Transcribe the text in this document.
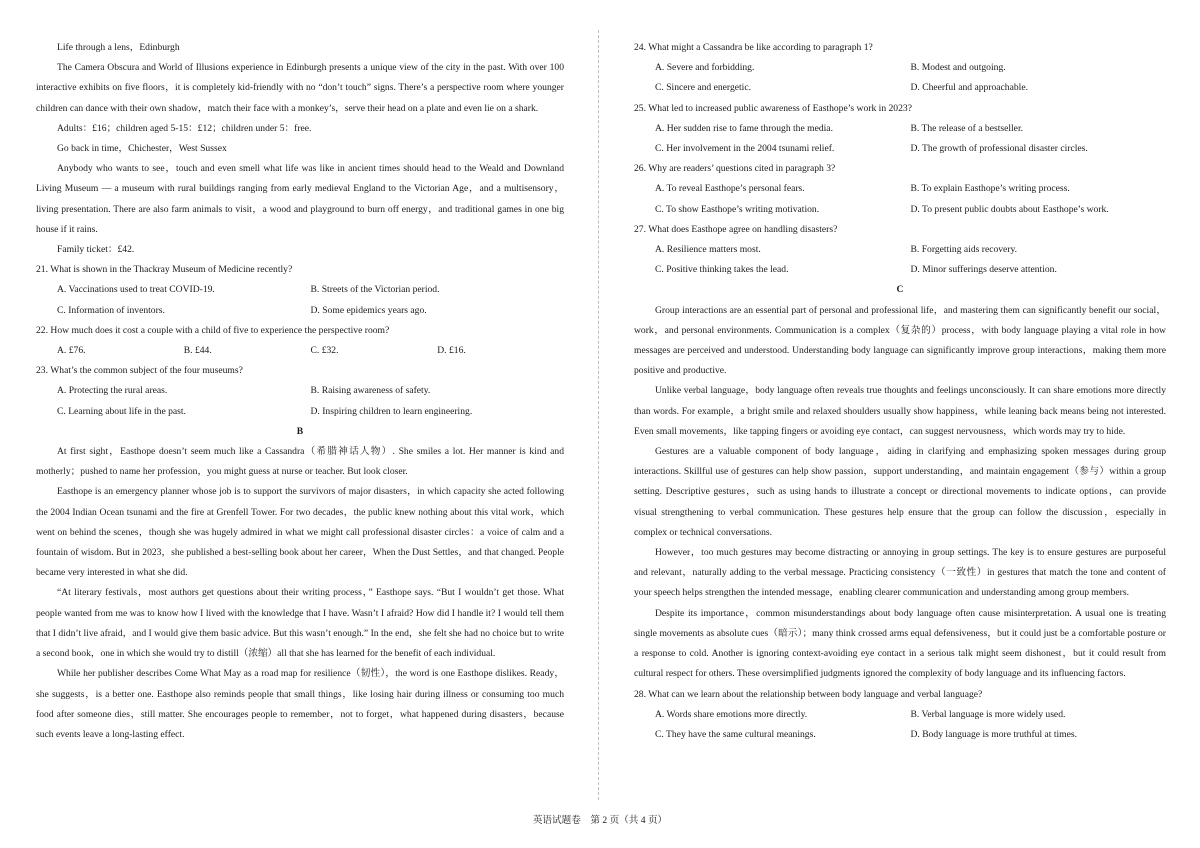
Life through a lens，Edinburgh

The Camera Obscura and World of Illusions experience in Edinburgh presents a unique view of the city in the past. With over 100 interactive exhibits on five floors，it is completely kid-friendly with no “don’t touch” signs. There’s a perspective room where younger children can dance with their own shadow，match their face with a monkey’s，serve their head on a plate and even lie on a shark.

Adults：£16；children aged 5-15：£12；children under 5：free.

Go back in time，Chichester，West Sussex

Anybody who wants to see，touch and even smell what life was like in ancient times should head to the Weald and Downland Living Museum — a museum with rural buildings ranging from early medieval England to the Victorian Age，and a multisensory，living presentation. There are also farm animals to visit，a wood and playground to burn off energy，and traditional games in one big house if it rains.

Family ticket：£42.

21. What is shown in the Thackray Museum of Medicine recently?

A. Vaccinations used to treat COVID-19.	B. Streets of the Victorian period.
C. Information of inventors.	D. Some epidemics years ago.

22. How much does it cost a couple with a child of five to experience the perspective room?

A. £76.	B. £44.	C. £32.	D. £16.

23. What’s the common subject of the four museums?

A. Protecting the rural areas.	B. Raising awareness of safety.
C. Learning about life in the past.	D. Inspiring children to learn engineering.

B

At first sight，Easthope doesn’t seem much like a Cassandra（希腊神话人物）. She smiles a lot. Her manner is kind and motherly；pushed to name her profession，you might guess at nurse or teacher. But look closer.

Easthope is an emergency planner whose job is to support the survivors of major disasters，in which capacity she acted following the 2004 Indian Ocean tsunami and the fire at Grenfell Tower. For two decades，the public knew nothing about this vital work，which went on behind the scenes，though she was hugely admired in what we might call professional disaster circles：a voice of calm and a fountain of wisdom. But in 2023，she published a best-selling book about her career，When the Dust Settles，and that changed. People became very interested in what she did.

“At literary festivals，most authors get questions about their writing process，” Easthope says. “But I wouldn’t get those. What people wanted from me was to know how I lived with the knowledge that I have. Wasn’t I afraid? How did I handle it? I would tell them that I didn’t live afraid，and I would give them basic advice. But this wasn’t enough.” In the end，she felt she had no choice but to write a second book，one in which she would try to distill（浓缩）all that she has learned for the benefit of each individual.

While her publisher describes Come What May as a road map for resilience（韧性），the word is one Easthope dislikes. Ready，she suggests，is a better one. Easthope also reminds people that small things，like losing hair during illness or consuming too much food after someone dies，still matter. She encourages people to remember，not to forget，what happened during disasters，because such events leave a long-lasting effect.

24. What might a Cassandra be like according to paragraph 1?

A. Severe and forbidding.	B. Modest and outgoing.
C. Sincere and energetic.	D. Cheerful and approachable.

25. What led to increased public awareness of Easthope’s work in 2023?

A. Her sudden rise to fame through the media.	B. The release of a bestseller.
C. Her involvement in the 2004 tsunami relief.	D. The growth of professional disaster circles.

26. Why are readers’ questions cited in paragraph 3?

A. To reveal Easthope’s personal fears.	B. To explain Easthope’s writing process.
C. To show Easthope’s writing motivation.	D. To present public doubts about Easthope’s work.

27. What does Easthope agree on handling disasters?

A. Resilience matters most.	B. Forgetting aids recovery.
C. Positive thinking takes the lead.	D. Minor sufferings deserve attention.

C

Group interactions are an essential part of personal and professional life，and mastering them can significantly benefit our social，work，and personal environments. Communication is a complex（复杂的）process，with body language playing a vital role in how messages are perceived and understood. Understanding body language can significantly improve group interactions，making them more positive and productive.

Unlike verbal language，body language often reveals true thoughts and feelings unconsciously. It can share emotions more directly than words. For example，a bright smile and relaxed shoulders usually show happiness，while leaning back means being not interested. Even small movements，like tapping fingers or avoiding eye contact，can suggest nervousness，which words may try to hide.

Gestures are a valuable component of body language，aiding in clarifying and emphasizing spoken messages during group interactions. Skillful use of gestures can help show passion，support understanding，and maintain engagement（参与）within a group setting. Descriptive gestures，such as using hands to illustrate a concept or directional movements to indicate options，can provide visual strengthening to verbal communication. These gestures help ensure that the group can follow the discussion，especially in complex or technical conversations.

However，too much gestures may become distracting or annoying in group settings. The key is to ensure gestures are purposeful and relevant，naturally adding to the verbal message. Practicing consistency（一致性）in gestures that match the tone and content of your speech helps strengthen the intended message，enabling clearer communication and understanding among group members.

Despite its importance，common misunderstandings about body language often cause misinterpretation. A usual one is treating single movements as absolute cues（暗示）；many think crossed arms equal defensiveness，but it could just be a comfortable posture or a response to cold. Another is ignoring context-avoiding eye contact in a serious talk might seem dishonest，but it could result from cultural respect for others. These oversimplified judgments ignored the complexity of body language and its influencing factors.

28. What can we learn about the relationship between body language and verbal language?

A. Words share emotions more directly.	B. Verbal language is more widely used.
C. They have the same cultural meanings.	D. Body language is more truthful at times.
英语试题卷　第 2 页（共 4 页）
